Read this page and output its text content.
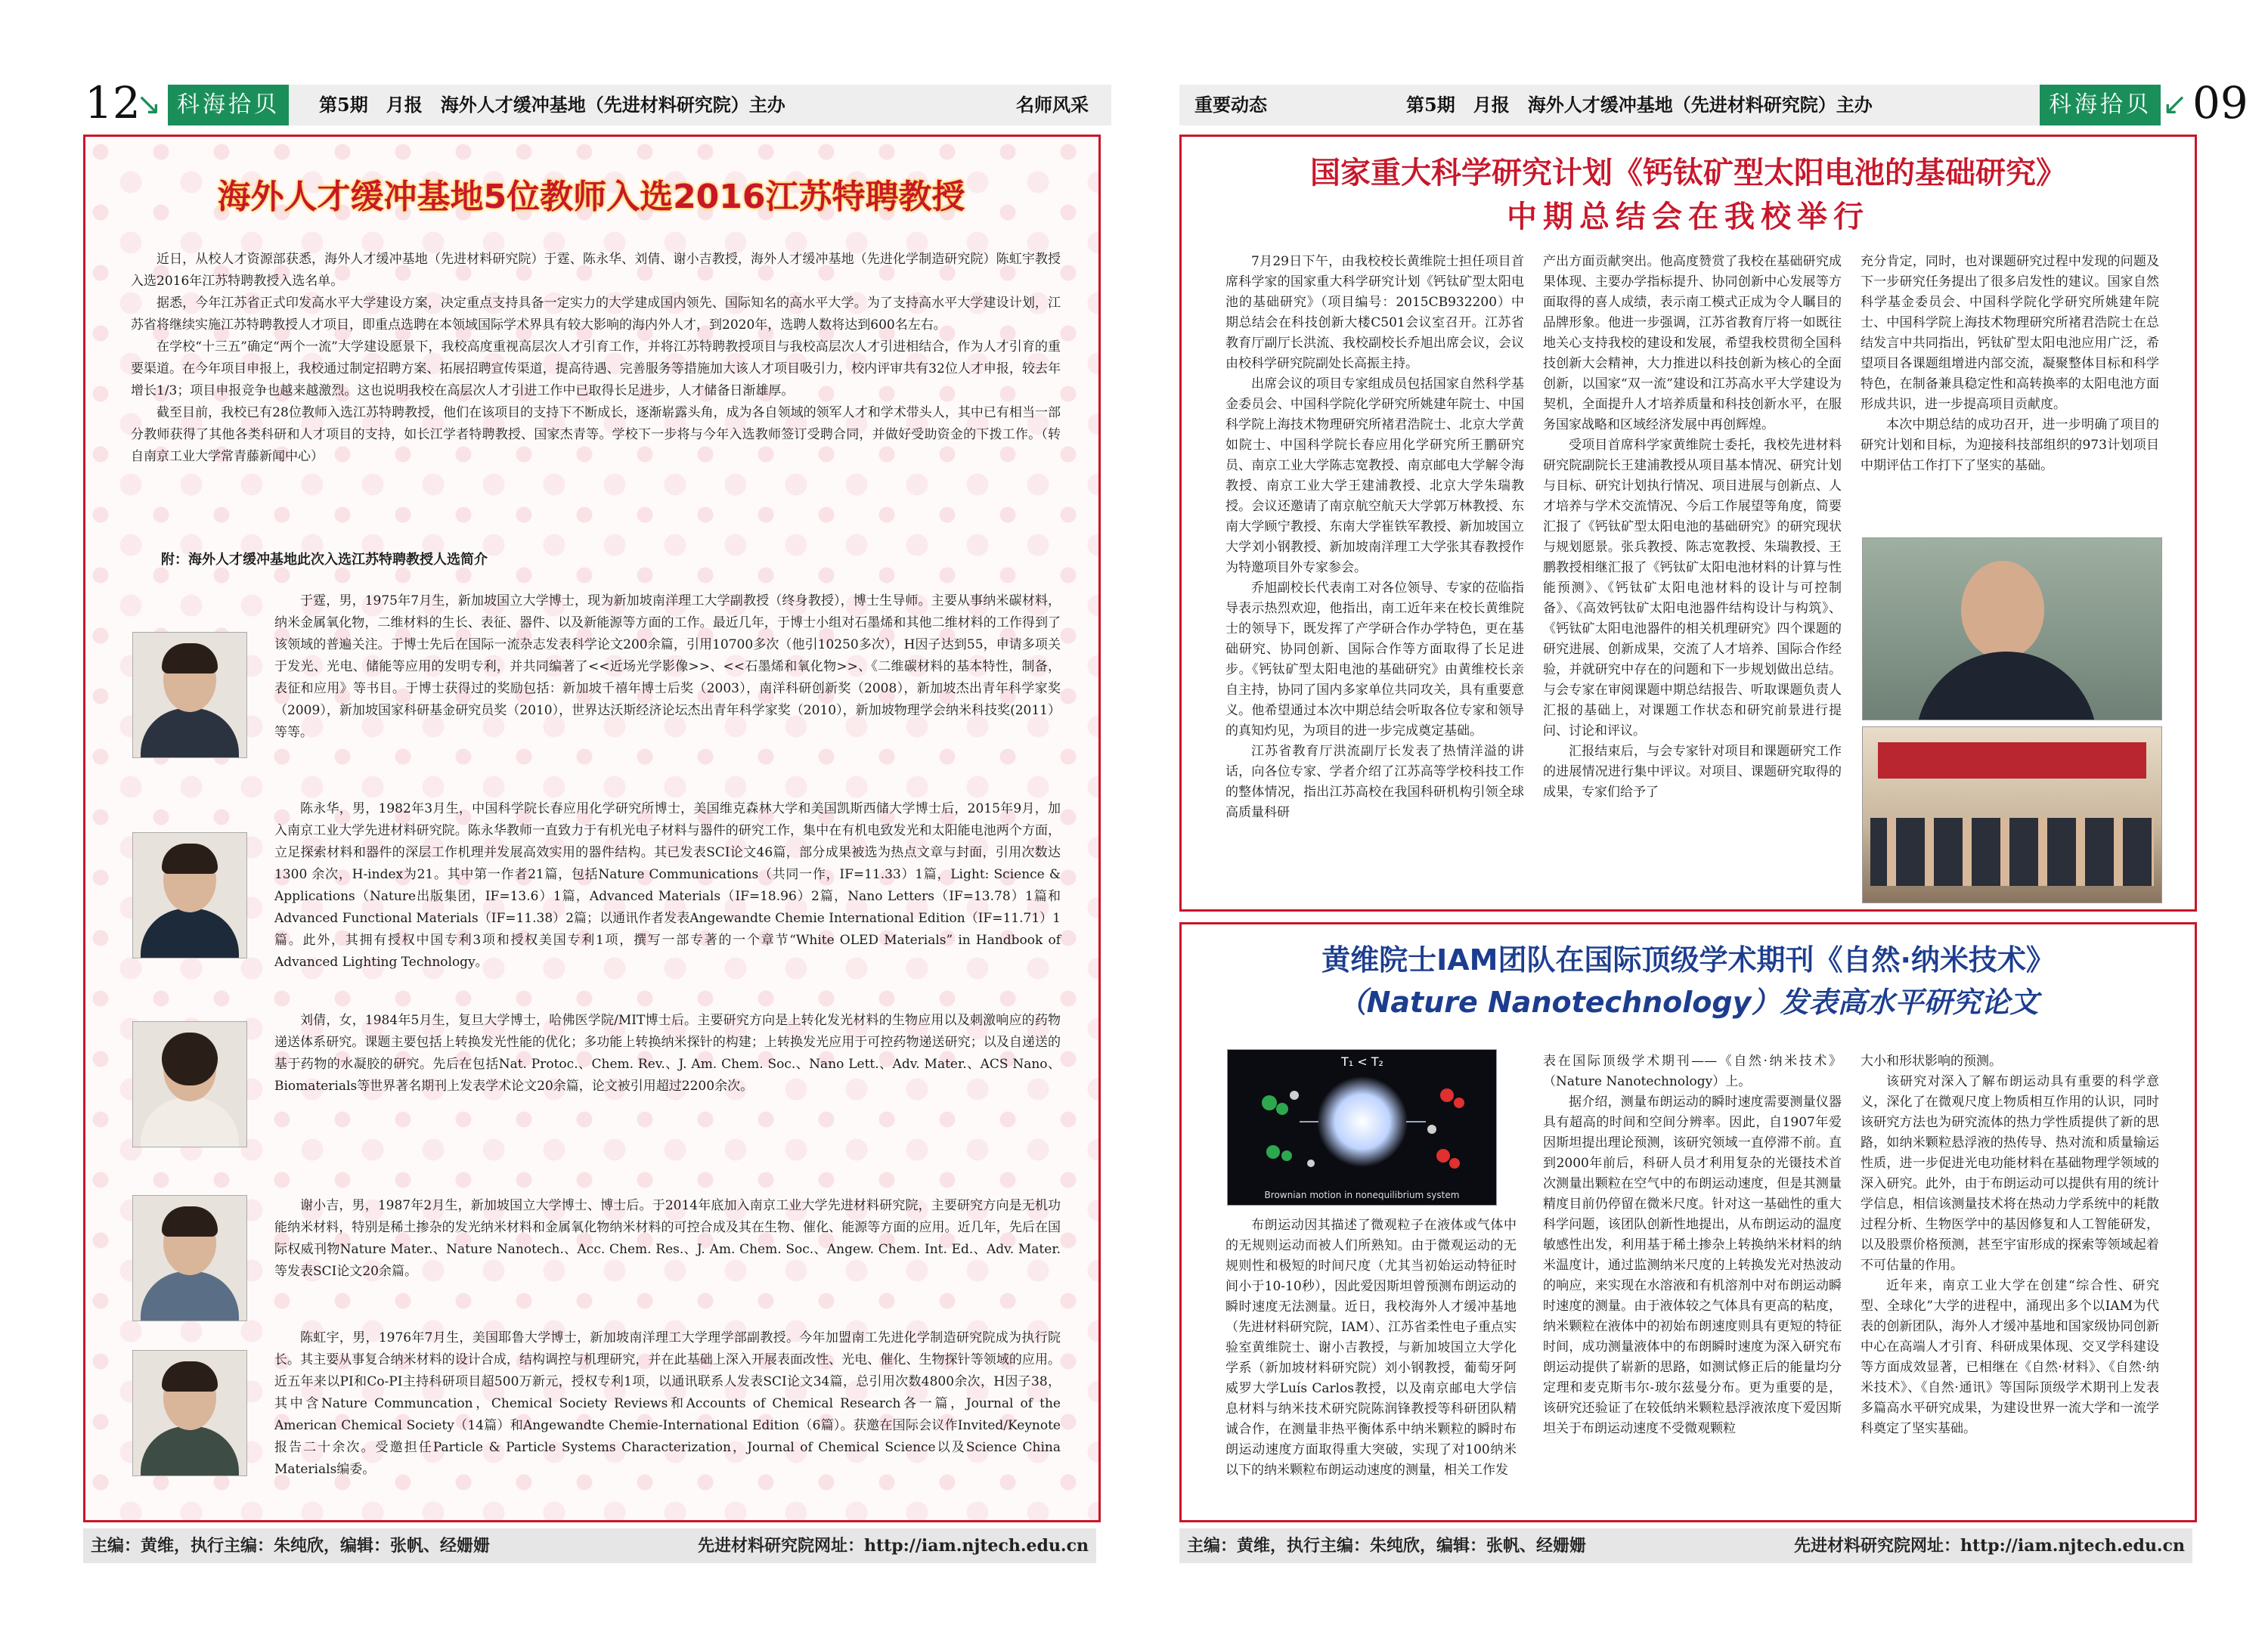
第5期　月报　海外人才缓冲基地（先进材料研究院）主办	名师风采
12
↘ 科海拾贝
海外人才缓冲基地5位教师入选2016江苏特聘教授

近日，从校人才资源部获悉，海外人才缓冲基地（先进材料研究院）于霆、陈永华、刘倩、谢小吉教授，海外人才缓冲基地（先进化学制造研究院）陈虹宇教授入选2016年江苏特聘教授入选名单。

据悉，今年江苏省正式印发高水平大学建设方案，决定重点支持具备一定实力的大学建成国内领先、国际知名的高水平大学。为了支持高水平大学建设计划，江苏省将继续实施江苏特聘教授人才项目，即重点选聘在本领域国际学术界具有较大影响的海内外人才，到2020年，选聘人数将达到600名左右。

在学校“十三五”确定“两个一流”大学建设愿景下，我校高度重视高层次人才引育工作，并将江苏特聘教授项目与我校高层次人才引进相结合，作为人才引育的重要渠道。在今年项目申报上，我校通过制定招聘方案、拓展招聘宣传渠道，提高待遇、完善服务等措施加大该人才项目吸引力，校内评审共有32位人才申报，较去年增长1/3；项目申报竞争也越来越激烈。这也说明我校在高层次人才引进工作中已取得长足进步，人才储备日渐雄厚。

截至目前，我校已有28位教师入选江苏特聘教授，他们在该项目的支持下不断成长，逐渐崭露头角，成为各自领域的领军人才和学术带头人，其中已有相当一部分教师获得了其他各类科研和人才项目的支持，如长江学者特聘教授、国家杰青等。学校下一步将与今年入选教师签订受聘合同，并做好受助资金的下拨工作。（转自南京工业大学常青藤新闻中心）

附：海外人才缓冲基地此次入选江苏特聘教授人选简介

于霆，男，1975年7月生，新加坡国立大学博士，现为新加坡南洋理工大学副教授（终身教授），博士生导师。主要从事纳米碳材料，纳米金属氧化物，二维材料的生长、表征、器件、以及新能源等方面的工作。最近几年，于博士小组对石墨烯和其他二维材料的工作得到了该领域的普遍关注。于博士先后在国际一流杂志发表科学论文200余篇，引用10700多次（他引10250多次），H因子达到55，申请多项关于发光、光电、储能等应用的发明专利，并共同编著了<<近场光学影像>>、<<石墨烯和氧化物>>、《二维碳材料的基本特性，制备，表征和应用》等书目。于博士获得过的奖励包括：新加坡千禧年博士后奖（2003），南洋科研创新奖（2008），新加坡杰出青年科学家奖（2009），新加坡国家科研基金研究员奖（2010），世界达沃斯经济论坛杰出青年科学家奖（2010），新加坡物理学会纳米科技奖(2011）等等。

陈永华，男，1982年3月生，中国科学院长春应用化学研究所博士，美国维克森林大学和美国凯斯西储大学博士后，2015年9月，加入南京工业大学先进材料研究院。陈永华教师一直致力于有机光电子材料与器件的研究工作，集中在有机电致发光和太阳能电池两个方面，立足探索材料和器件的深层工作机理并发展高效实用的器件结构。其已发表SCI论文46篇，部分成果被选为热点文章与封面，引用次数达1300 余次，H-index为21。其中第一作者21篇，包括Nature Communications（共同一作，IF=11.33）1篇，Light: Science & Applications（Nature出版集团，IF=13.6）1篇，Advanced Materials（IF=18.96）2篇，Nano Letters（IF=13.78）1篇和Advanced Functional Materials（IF=11.38）2篇；以通讯作者发表Angewandte Chemie International Edition（IF=11.71）1篇。此外，其拥有授权中国专利3项和授权美国专利1项，撰写一部专著的一个章节“White OLED Materials” in Handbook of Advanced Lighting Technology。

刘倩，女，1984年5月生，复旦大学博士，哈佛医学院/MIT博士后。主要研究方向是上转化发光材料的生物应用以及刺激响应的药物递送体系研究。课题主要包括上转换发光性能的优化；多功能上转换纳米探针的构建；上转换发光应用于可控药物递送研究；以及自递送的基于药物的水凝胶的研究。先后在包括Nat. Protoc.、Chem. Rev.、J. Am. Chem. Soc.、Nano Lett.、Adv. Mater.、ACS Nano、Biomaterials等世界著名期刊上发表学术论文20余篇，论文被引用超过2200余次。

谢小吉，男，1987年2月生，新加坡国立大学博士、博士后。于2014年底加入南京工业大学先进材料研究院，主要研究方向是无机功能纳米材料，特别是稀土掺杂的发光纳米材料和金属氧化物纳米材料的可控合成及其在生物、催化、能源等方面的应用。近几年，先后在国际权威刊物Nature Mater.、Nature Nanotech.、Acc. Chem. Res.、J. Am. Chem. Soc.、Angew. Chem. Int. Ed.、Adv. Mater.等发表SCI论文20余篇。

陈虹宇，男，1976年7月生，美国耶鲁大学博士，新加坡南洋理工大学理学部副教授。今年加盟南工先进化学制造研究院成为执行院长。其主要从事复合纳米材料的设计合成，结构调控与机理研究，并在此基础上深入开展表面改性、光电、催化、生物探针等领域的应用。近五年来以PI和Co-PI主持科研项目超500万新元，授权专利1项，以通讯联系人发表SCI论文34篇，总引用次数4800余次，H因子38，其中含Nature Communcation，Chemical Society Reviews和Accounts of Chemical Research各一篇，Journal of the American Chemical Society（14篇）和Angewandte Chemie-International Edition（6篇）。获邀在国际会议作Invited/Keynote报告二十余次。受邀担任Particle & Particle Systems Characterization，Journal of Chemical Science以及Science China Materials编委。

主编：黄维，执行主编：朱纯欣，编辑：张帆、经姗姗	先进材料研究院网址：http://iam.njtech.edu.cn
重要动态	第5期　月报　海外人才缓冲基地（先进材料研究院）主办	科海拾贝 ↙ 09
国家重大科学研究计划《钙钛矿型太阳电池的基础研究》
中期总结会在我校举行

7月29日下午，由我校校长黄维院士担任项目首席科学家的国家重大科学研究计划《钙钛矿型太阳电池的基础研究》（项目编号：2015CB932200）中期总结会在科技创新大楼C501会议室召开。江苏省教育厅副厅长洪流、我校副校长乔旭出席会议，会议由校科学研究院副处长高振主持。

出席会议的项目专家组成员包括国家自然科学基金委员会、中国科学院化学研究所姚建年院士、中国科学院上海技术物理研究所褚君浩院士、北京大学黄如院士、中国科学院长春应用化学研究所王鹏研究员、南京工业大学陈志宽教授、南京邮电大学解令海教授、南京工业大学王建浦教授、北京大学朱瑞教授。会议还邀请了南京航空航天大学郭万林教授、东南大学顾宁教授、东南大学崔铁军教授、新加坡国立大学刘小钢教授、新加坡南洋理工大学张其春教授作为特邀项目外专家参会。

乔旭副校长代表南工对各位领导、专家的莅临指导表示热烈欢迎，他指出，南工近年来在校长黄维院士的领导下，既发挥了产学研合作办学特色，更在基础研究、协同创新、国际合作等方面取得了长足进步。《钙钛矿型太阳电池的基础研究》由黄维校长亲自主持，协同了国内多家单位共同攻关，具有重要意义。他希望通过本次中期总结会听取各位专家和领导的真知灼见，为项目的进一步完成奠定基础。

江苏省教育厅洪流副厅长发表了热情洋溢的讲话，向各位专家、学者介绍了江苏高等学校科技工作的整体情况，指出江苏高校在我国科研机构引领全球高质量科研

产出方面贡献突出。他高度赞赏了我校在基础研究成果体现、主要办学指标提升、协同创新中心发展等方面取得的喜人成绩，表示南工模式正成为令人瞩目的品牌形象。他进一步强调，江苏省教育厅将一如既往地关心支持我校的建设和发展，希望我校贯彻全国科技创新大会精神，大力推进以科技创新为核心的全面创新，以国家“双一流”建设和江苏高水平大学建设为契机，全面提升人才培养质量和科技创新水平，在服务国家战略和区域经济发展中再创辉煌。

受项目首席科学家黄维院士委托，我校先进材料研究院副院长王建浦教授从项目基本情况、研究计划与目标、研究计划执行情况、项目进展与创新点、人才培养与学术交流情况、今后工作展望等角度，简要汇报了《钙钛矿型太阳电池的基础研究》的研究现状与规划愿景。张兵教授、陈志宽教授、朱瑞教授、王鹏教授相继汇报了《钙钛矿太阳电池材料的计算与性能预测》、《钙钛矿太阳电池材料的设计与可控制备》、《高效钙钛矿太阳电池器件结构设计与构筑》、《钙钛矿太阳电池器件的相关机理研究》四个课题的研究进展、创新成果，交流了人才培养、国际合作经验，并就研究中存在的问题和下一步规划做出总结。与会专家在审阅课题中期总结报告、听取课题负责人汇报的基础上，对课题工作状态和研究前景进行提问、讨论和评议。

汇报结束后，与会专家针对项目和课题研究工作的进展情况进行集中评议。对项目、课题研究取得的成果，专家们给予了

充分肯定，同时，也对课题研究过程中发现的问题及下一步研究任务提出了很多启发性的建议。国家自然科学基金委员会、中国科学院化学研究所姚建年院士、中国科学院上海技术物理研究所褚君浩院士在总结发言中共同指出，钙钛矿型太阳电池应用广泛，希望项目各课题组增进内部交流，凝聚整体目标和科学特色，在制备兼具稳定性和高转换率的太阳电池方面形成共识，进一步提高项目贡献度。

本次中期总结的成功召开，进一步明确了项目的研究计划和目标，为迎接科技部组织的973计划项目中期评估工作打下了坚实的基础。

黄维院士IAM团队在国际顶级学术期刊《自然·纳米技术》
（Nature Nanotechnology）发表高水平研究论文
T₁ < T₂
Brownian motion in nonequilibrium system

布朗运动因其描述了微观粒子在液体或气体中的无规则运动而被人们所熟知。由于微观运动的无规则性和极短的时间尺度（尤其当初始运动特征时间小于10-10秒），因此爱因斯坦曾预测布朗运动的瞬时速度无法测量。近日，我校海外人才缓冲基地（先进材料研究院，IAM）、江苏省柔性电子重点实验室黄维院士、谢小吉教授，与新加坡国立大学化学系（新加坡材料研究院）刘小钢教授，葡萄牙阿威罗大学Luís Carlos教授，以及南京邮电大学信息材料与纳米技术研究院陈润锋教授等科研团队精诚合作，在测量非热平衡体系中纳米颗粒的瞬时布朗运动速度方面取得重大突破，实现了对100纳米以下的纳米颗粒布朗运动速度的测量，相关工作发

表在国际顶级学术期刊——《自然·纳米技术》（Nature Nanotechnology）上。

据介绍，测量布朗运动的瞬时速度需要测量仪器具有超高的时间和空间分辨率。因此，自1907年爱因斯坦提出理论预测，该研究领域一直停滞不前。直到2000年前后，科研人员才利用复杂的光镊技术首次测量出颗粒在空气中的布朗运动速度，但是其测量精度目前仍停留在微米尺度。针对这一基础性的重大科学问题，该团队创新性地提出，从布朗运动的温度敏感性出发，利用基于稀土掺杂上转换纳米材料的纳米温度计，通过监测纳米尺度的上转换发光对热波动的响应，来实现在水溶液和有机溶剂中对布朗运动瞬时速度的测量。由于液体较之气体具有更高的粘度，纳米颗粒在液体中的初始布朗速度则具有更短的特征时间，成功测量液体中的布朗瞬时速度为深入研究布朗运动提供了崭新的思路，如测试修正后的能量均分定理和麦克斯韦尔-玻尔兹曼分布。更为重要的是，该研究还验证了在较低纳米颗粒悬浮液浓度下爱因斯坦关于布朗运动速度不受微观颗粒

大小和形状影响的预测。

该研究对深入了解布朗运动具有重要的科学意义，深化了在微观尺度上物质相互作用的认识，同时该研究方法也为研究流体的热力学性质提供了新的思路，如纳米颗粒悬浮液的热传导、热对流和质量输运性质，进一步促进光电功能材料在基础物理学领域的深入研究。此外，由于布朗运动可以提供有用的统计学信息，相信该测量技术将在热动力学系统中的耗散过程分析、生物医学中的基因修复和人工智能研发，以及股票价格预测，甚至宇宙形成的探索等领域起着不可估量的作用。

近年来，南京工业大学在创建“综合性、研究型、全球化”大学的进程中，涌现出多个以IAM为代表的创新团队，海外人才缓冲基地和国家级协同创新中心在高端人才引育、科研成果体现、交叉学科建设等方面成效显著，已相继在《自然·材料》、《自然·纳米技术》、《自然·通讯》等国际顶级学术期刊上发表多篇高水平研究成果，为建设世界一流大学和一流学科奠定了坚实基础。

主编：黄维，执行主编：朱纯欣，编辑：张帆、经姗姗	先进材料研究院网址：http://iam.njtech.edu.cn
